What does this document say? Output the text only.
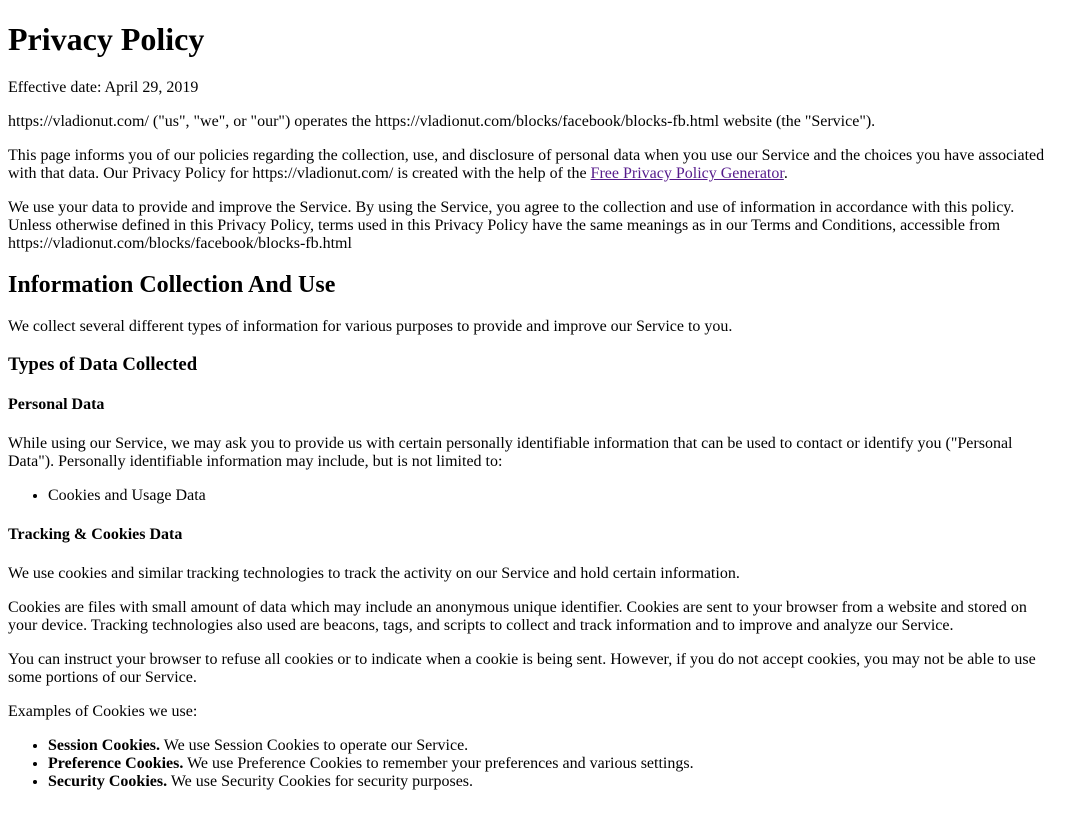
Privacy Policy

Effective date: April 29, 2019

https://vladionut.com/ ("us", "we", or "our") operates the https://vladionut.com/blocks/facebook/blocks-fb.html website (the "Service").

This page informs you of our policies regarding the collection, use, and disclosure of personal data when you use our Service and the choices you have associated with that data. Our Privacy Policy for https://vladionut.com/ is created with the help of the Free Privacy Policy Generator.

We use your data to provide and improve the Service. By using the Service, you agree to the collection and use of information in accordance with this policy. Unless otherwise defined in this Privacy Policy, terms used in this Privacy Policy have the same meanings as in our Terms and Conditions, accessible from https://vladionut.com/blocks/facebook/blocks-fb.html

Information Collection And Use

We collect several different types of information for various purposes to provide and improve our Service to you.

Types of Data Collected
Personal Data

While using our Service, we may ask you to provide us with certain personally identifiable information that can be used to contact or identify you ("Personal Data"). Personally identifiable information may include, but is not limited to:

• Cookies and Usage Data
Tracking & Cookies Data

We use cookies and similar tracking technologies to track the activity on our Service and hold certain information.

Cookies are files with small amount of data which may include an anonymous unique identifier. Cookies are sent to your browser from a website and stored on your device. Tracking technologies also used are beacons, tags, and scripts to collect and track information and to improve and analyze our Service.

You can instruct your browser to refuse all cookies or to indicate when a cookie is being sent. However, if you do not accept cookies, you may not be able to use some portions of our Service.

Examples of Cookies we use:

• Session Cookies. We use Session Cookies to operate our Service.
• Preference Cookies. We use Preference Cookies to remember your preferences and various settings.
• Security Cookies. We use Security Cookies for security purposes.
